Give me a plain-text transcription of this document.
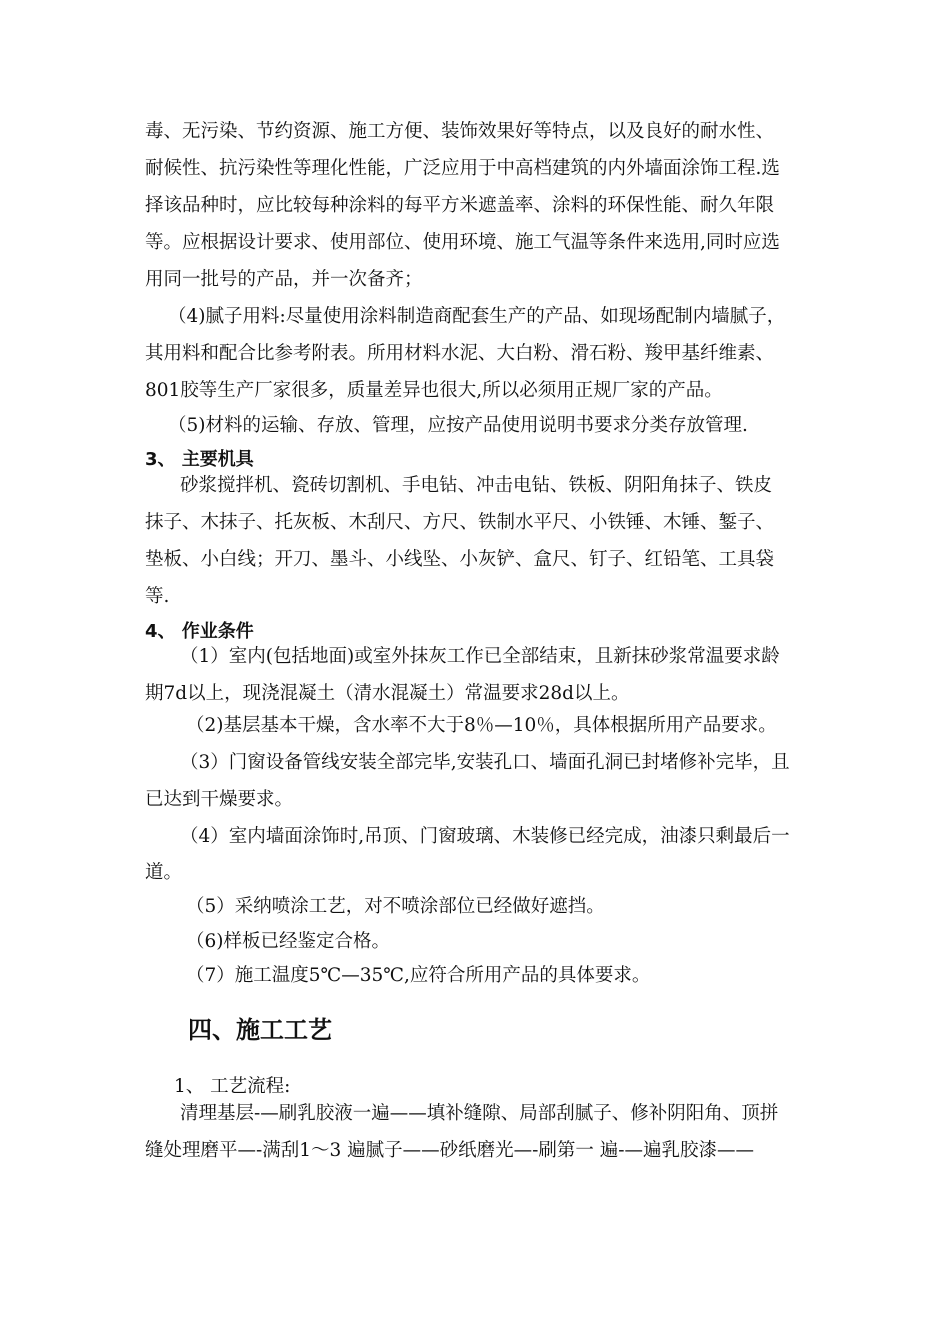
毒、无污染、节约资源、施工方便、装饰效果好等特点，以及良好的耐水性、
耐候性、抗污染性等理化性能，广泛应用于中高档建筑的内外墙面涂饰工程.选
择该品种时，应比较每种涂料的每平方米遮盖率、涂料的环保性能、耐久年限
等。应根据设计要求、使用部位、使用环境、施工气温等条件来选用,同时应选
用同一批号的产品，并一次备齐；
（4)腻子用料:尽量使用涂料制造商配套生产的产品、如现场配制内墙腻子，
其用料和配合比参考附表。所用材料水泥、大白粉、滑石粉、羧甲基纤维素、
801胶等生产厂家很多，质量差异也很大,所以必须用正规厂家的产品。
（5)材料的运输、存放、管理，应按产品使用说明书要求分类存放管理.
3、 主要机具
砂浆搅拌机、瓷砖切割机、手电钻、冲击电钻、铁板、阴阳角抹子、铁皮
抹子、木抹子、托灰板、木刮尺、方尺、铁制水平尺、小铁锤、木锤、錾子、
垫板、小白线；开刀、墨斗、小线坠、小灰铲、盒尺、钉子、红铅笔、工具袋
等.
4、 作业条件
（1）室内(包括地面)或室外抹灰工作已全部结束，且新抹砂浆常温要求龄
期7d以上，现浇混凝土（清水混凝土）常温要求28d以上。
（2)基层基本干燥，含水率不大于8％—10％，具体根据所用产品要求。
（3）门窗设备管线安装全部完毕,安装孔口、墙面孔洞已封堵修补完毕，且
已达到干燥要求。
（4）室内墙面涂饰时,吊顶、门窗玻璃、木装修已经完成，油漆只剩最后一
道。
（5）采纳喷涂工艺，对不喷涂部位已经做好遮挡。
（6)样板已经鉴定合格。
（7）施工温度5℃—35℃,应符合所用产品的具体要求。
四、施工工艺
1、 工艺流程:
清理基层-—刷乳胶液一遍——填补缝隙、局部刮腻子、修补阴阳角、顶拼
缝处理磨平—-满刮1～3 遍腻子——砂纸磨光—-刷第一 遍-—遍乳胶漆——
